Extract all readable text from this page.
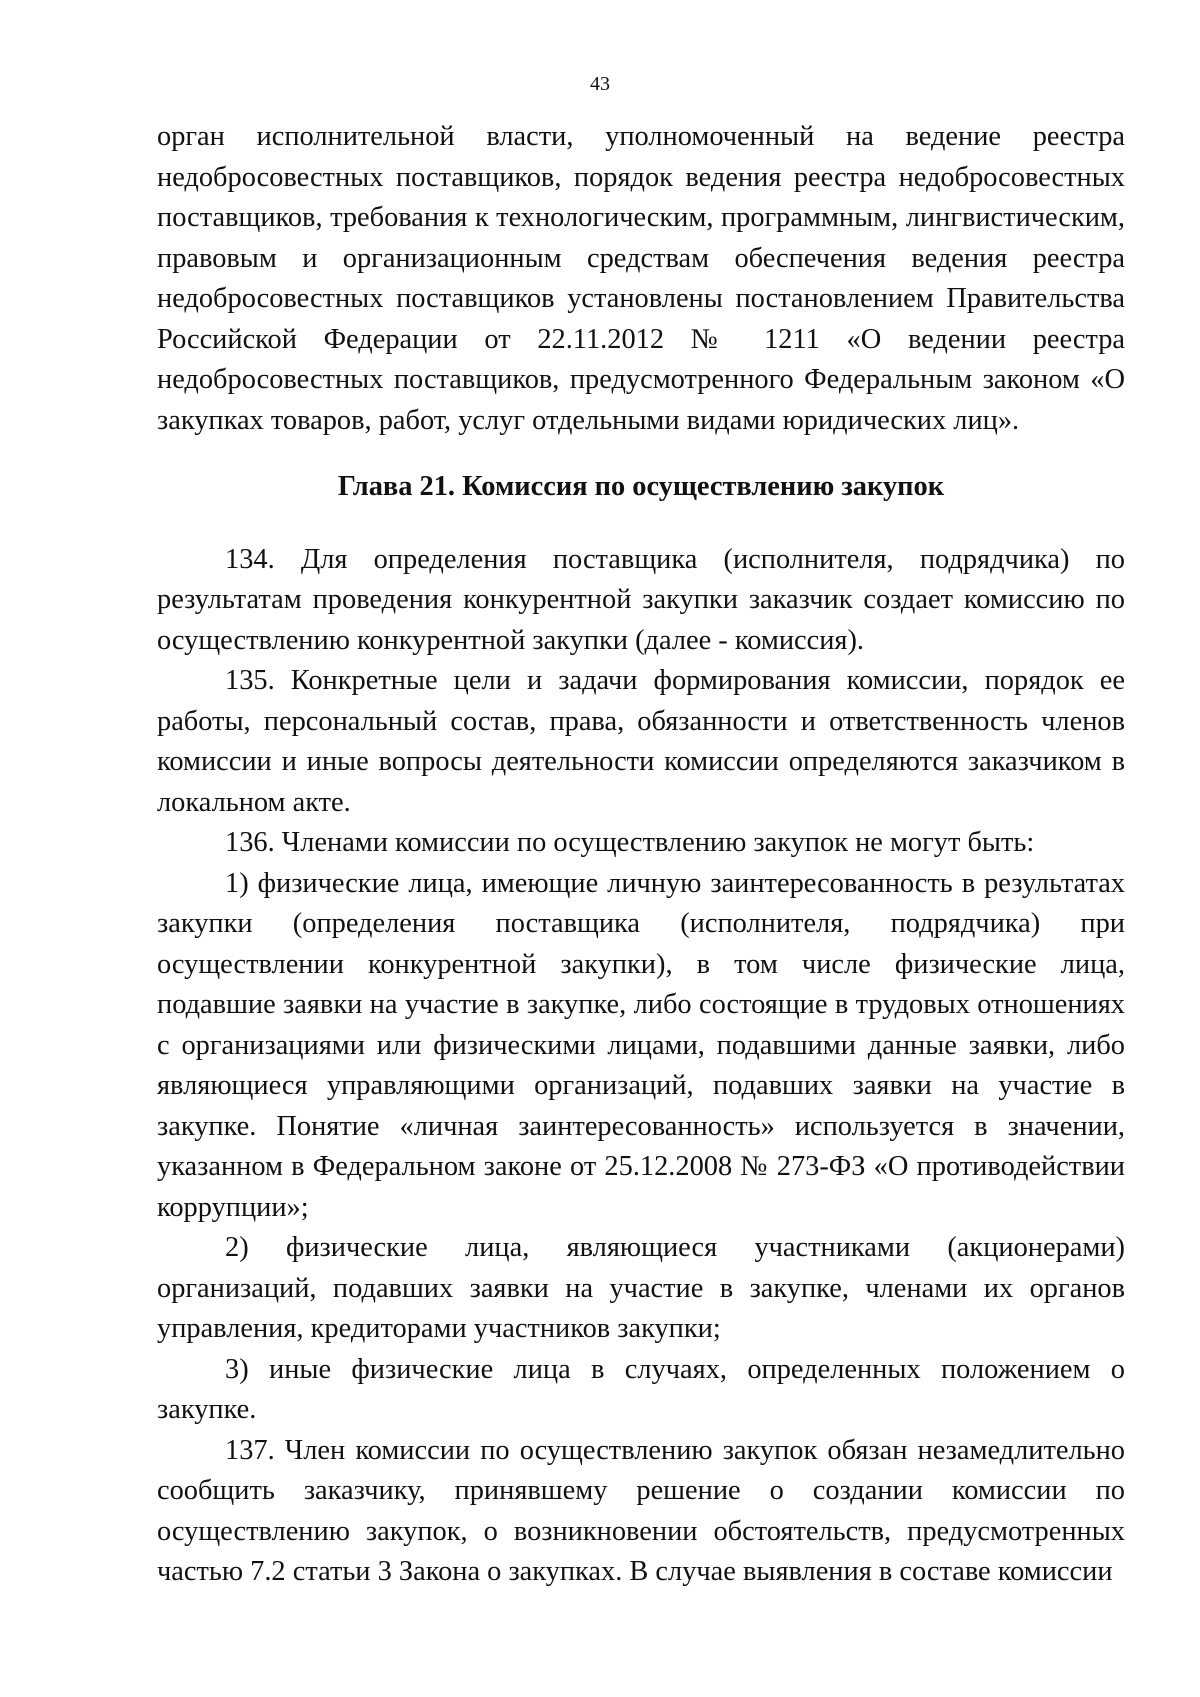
43

орган исполнительной власти, уполномоченный на ведение реестра недобросовестных поставщиков, порядок ведения реестра недобросовестных поставщиков, требования к технологическим, программным, лингвистическим, правовым и организационным средствам обеспечения ведения реестра недобросовестных поставщиков установлены постановлением Правительства Российской Федерации от 22.11.2012 № 1211 «О ведении реестра недобросовестных поставщиков, предусмотренного Федеральным законом «О закупках товаров, работ, услуг отдельными видами юридических лиц».

Глава 21. Комиссия по осуществлению закупок

134. Для определения поставщика (исполнителя, подрядчика) по результатам проведения конкурентной закупки заказчик создает комиссию по осуществлению конкурентной закупки (далее - комиссия).

135. Конкретные цели и задачи формирования комиссии, порядок ее работы, персональный состав, права, обязанности и ответственность членов комиссии и иные вопросы деятельности комиссии определяются заказчиком в локальном акте.

136. Членами комиссии по осуществлению закупок не могут быть:

1) физические лица, имеющие личную заинтересованность в результатах закупки (определения поставщика (исполнителя, подрядчика) при осуществлении конкурентной закупки), в том числе физические лица, подавшие заявки на участие в закупке, либо состоящие в трудовых отношениях с организациями или физическими лицами, подавшими данные заявки, либо являющиеся управляющими организаций, подавших заявки на участие в закупке. Понятие «личная заинтересованность» используется в значении, указанном в Федеральном законе от 25.12.2008 № 273-ФЗ «О противодействии коррупции»;

2) физические лица, являющиеся участниками (акционерами) организаций, подавших заявки на участие в закупке, членами их органов управления, кредиторами участников закупки;

3) иные физические лица в случаях, определенных положением о закупке.

137. Член комиссии по осуществлению закупок обязан незамедлительно сообщить заказчику, принявшему решение о создании комиссии по осуществлению закупок, о возникновении обстоятельств, предусмотренных частью 7.2 статьи 3 Закона о закупках. В случае выявления в составе комиссии
